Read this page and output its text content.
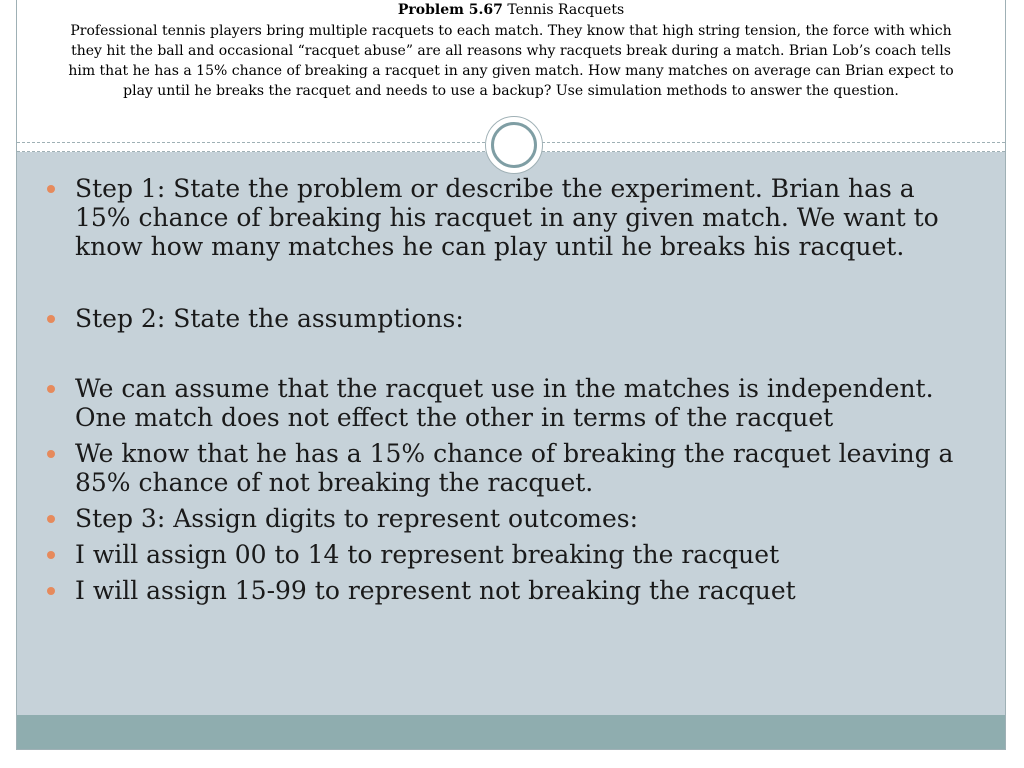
Problem 5.67 Tennis Racquets

Professional tennis players bring multiple racquets to each match. They know that high string tension, the force with which they hit the ball and occasional “racquet abuse” are all reasons why racquets break during a match. Brian Lob’s coach tells him that he has a 15% chance of breaking a racquet in any given match. How many matches on average can Brian expect to play until he breaks the racquet and needs to use a backup? Use simulation methods to answer the question.

Step 1: State the problem or describe the experiment. Brian has a 15% chance of breaking his racquet in any given match. We want to know how many matches he can play until he breaks his racquet.
Step 2: State the assumptions:
We can assume that the racquet use in the matches is independent. One match does not effect the other in terms of the racquet
We know that he has a 15% chance of breaking the racquet leaving a 85% chance of not breaking the racquet.
Step 3: Assign digits to represent outcomes:
I will assign 00 to 14 to represent breaking the racquet
I will assign 15-99 to represent not breaking the racquet
